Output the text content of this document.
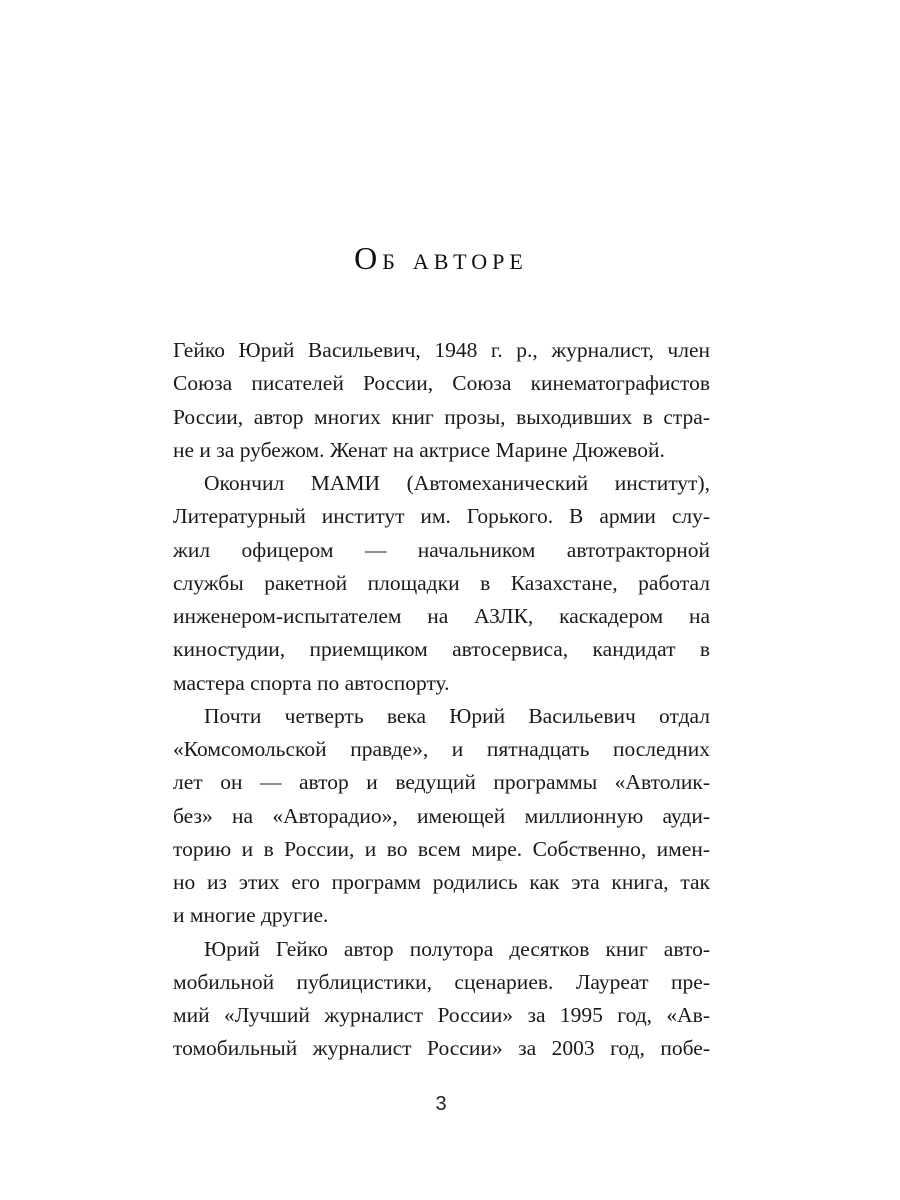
Об авторе
Гейко Юрий Васильевич, 1948 г. р., журналист, член
Союза писателей России, Союза кинематографистов
России, автор многих книг прозы, выходивших в стра-
не и за рубежом. Женат на актрисе Марине Дюжевой.
Окончил МАМИ (Автомеханический институт),
Литературный институт им. Горького. В армии слу-
жил офицером — начальником автотракторной
службы ракетной площадки в Казахстане, работал
инженером-испытателем на АЗЛК, каскадером на
киностудии, приемщиком автосервиса, кандидат в
мастера спорта по автоспорту.
Почти четверть века Юрий Васильевич отдал
«Комсомольской правде», и пятнадцать последних
лет он — автор и ведущий программы «Автолик-
без» на «Авторадио», имеющей миллионную ауди-
торию и в России, и во всем мире. Собственно, имен-
но из этих его программ родились как эта книга, так
и многие другие.
Юрий Гейко автор полутора десятков книг авто-
мобильной публицистики, сценариев. Лауреат пре-
мий «Лучший журналист России» за 1995 год, «Ав-
томобильный журналист России» за 2003 год, побе-
3
